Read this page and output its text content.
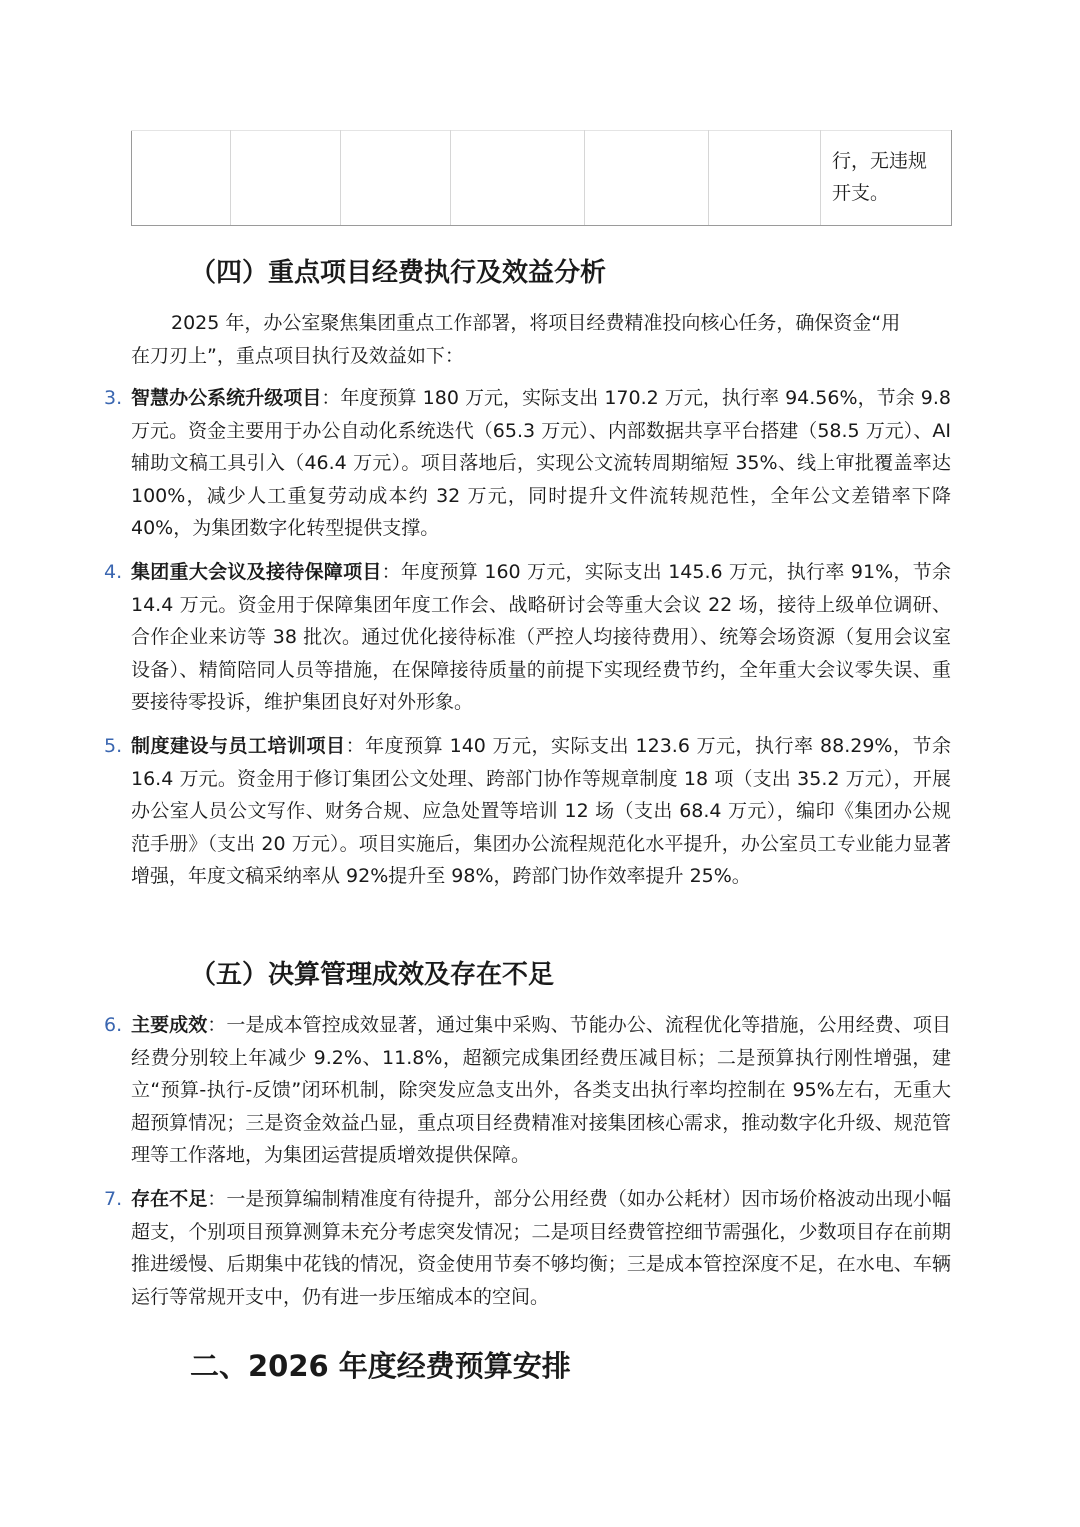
行，无违规
开支。
（四）重点项目经费执行及效益分析

2025 年，办公室聚焦集团重点工作部署，将项目经费精准投向核心任务，确保资金“用
在刀刃上”，重点项目执行及效益如下：

3. 智慧办公系统升级项目：年度预算 180 万元，实际支出 170.2 万元，执行率 94.56%，节余 9.8 万元。资金主要用于办公自动化系统迭代（65.3 万元）、内部数据共享平台搭建（58.5 万元）、AI 辅助文稿工具引入（46.4 万元）。项目落地后，实现公文流转周期缩短 35%、线上审批覆盖率达 100%，减少人工重复劳动成本约 32 万元，同时提升文件流转规范性，全年公文差错率下降 40%，为集团数字化转型提供支撑。
4. 集团重大会议及接待保障项目：年度预算 160 万元，实际支出 145.6 万元，执行率 91%，节余 14.4 万元。资金用于保障集团年度工作会、战略研讨会等重大会议 22 场，接待上级单位调研、合作企业来访等 38 批次。通过优化接待标准（严控人均接待费用）、统筹会场资源（复用会议室设备）、精简陪同人员等措施，在保障接待质量的前提下实现经费节约，全年重大会议零失误、重要接待零投诉，维护集团良好对外形象。
5. 制度建设与员工培训项目：年度预算 140 万元，实际支出 123.6 万元，执行率 88.29%，节余 16.4 万元。资金用于修订集团公文处理、跨部门协作等规章制度 18 项（支出 35.2 万元），开展办公室人员公文写作、财务合规、应急处置等培训 12 场（支出 68.4 万元），编印《集团办公规范手册》（支出 20 万元）。项目实施后，集团办公流程规范化水平提升，办公室员工专业能力显著增强，年度文稿采纳率从 92%提升至 98%，跨部门协作效率提升 25%。
（五）决算管理成效及存在不足
6. 主要成效：一是成本管控成效显著，通过集中采购、节能办公、流程优化等措施，公用经费、项目经费分别较上年减少 9.2%、11.8%，超额完成集团经费压减目标；二是预算执行刚性增强，建立“预算-执行-反馈”闭环机制，除突发应急支出外，各类支出执行率均控制在 95%左右，无重大超预算情况；三是资金效益凸显，重点项目经费精准对接集团核心需求，推动数字化升级、规范管理等工作落地，为集团运营提质增效提供保障。
7. 存在不足：一是预算编制精准度有待提升，部分公用经费（如办公耗材）因市场价格波动出现小幅超支，个别项目预算测算未充分考虑突发情况；二是项目经费管控细节需强化，少数项目存在前期推进缓慢、后期集中花钱的情况，资金使用节奏不够均衡；三是成本管控深度不足，在水电、车辆运行等常规开支中，仍有进一步压缩成本的空间。
二、2026 年度经费预算安排
